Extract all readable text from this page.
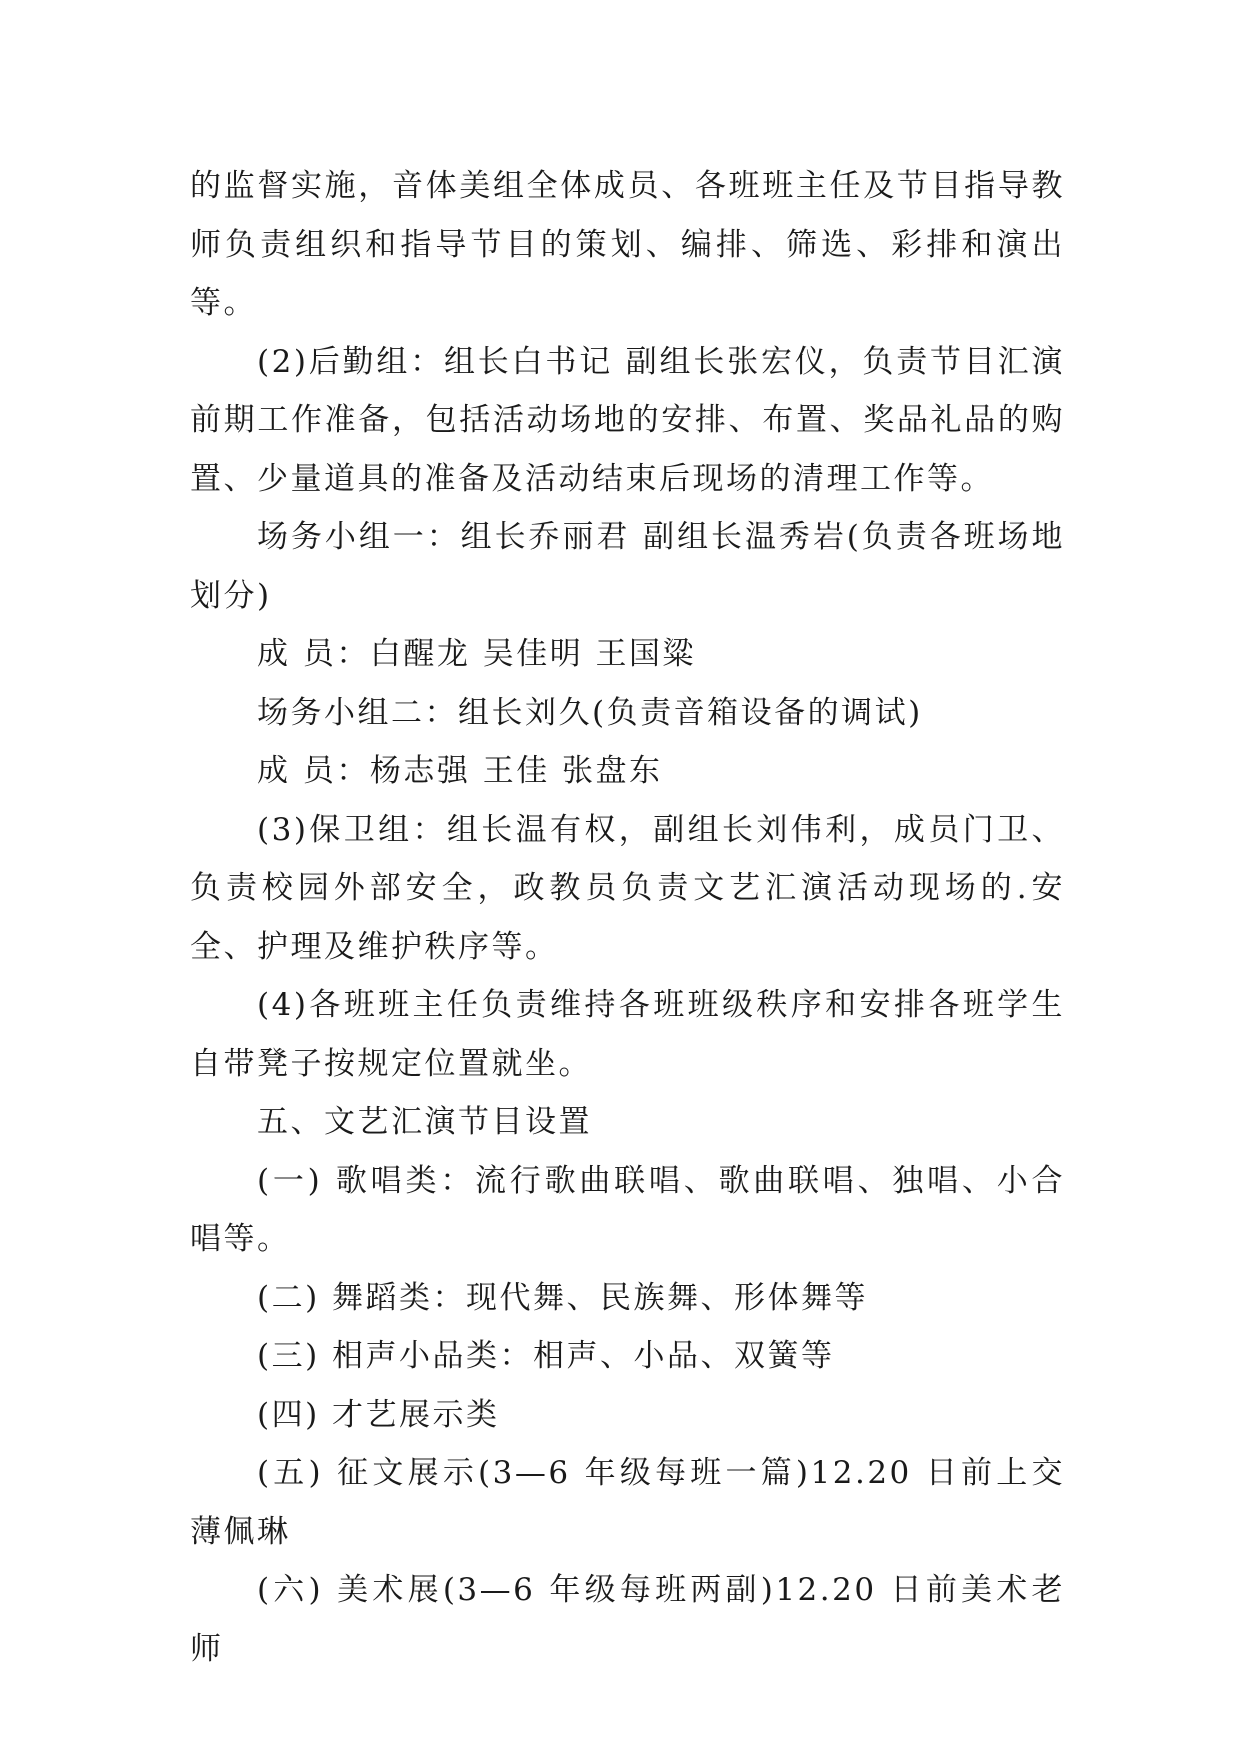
的监督实施，音体美组全体成员、各班班主任及节目指导教师负责组织和指导节目的策划、编排、筛选、彩排和演出等。

(2)后勤组：组长白书记 副组长张宏仪，负责节目汇演前期工作准备，包括活动场地的安排、布置、奖品礼品的购置、少量道具的准备及活动结束后现场的清理工作等。

场务小组一：组长乔丽君 副组长温秀岩(负责各班场地划分)

成 员：白醒龙 吴佳明 王国粱

场务小组二：组长刘久(负责音箱设备的调试)

成 员：杨志强 王佳 张盘东

(3)保卫组：组长温有权，副组长刘伟利，成员门卫、负责校园外部安全，政教员负责文艺汇演活动现场的.安全、护理及维护秩序等。

(4)各班班主任负责维持各班班级秩序和安排各班学生自带凳子按规定位置就坐。

五、文艺汇演节目设置

(一) 歌唱类：流行歌曲联唱、歌曲联唱、独唱、小合唱等。

(二) 舞蹈类：现代舞、民族舞、形体舞等

(三) 相声小品类：相声、小品、双簧等

(四) 才艺展示类

(五) 征文展示(3—6 年级每班一篇)12.20 日前上交薄佩琳

(六) 美术展(3—6 年级每班两副)12.20 日前美术老师
